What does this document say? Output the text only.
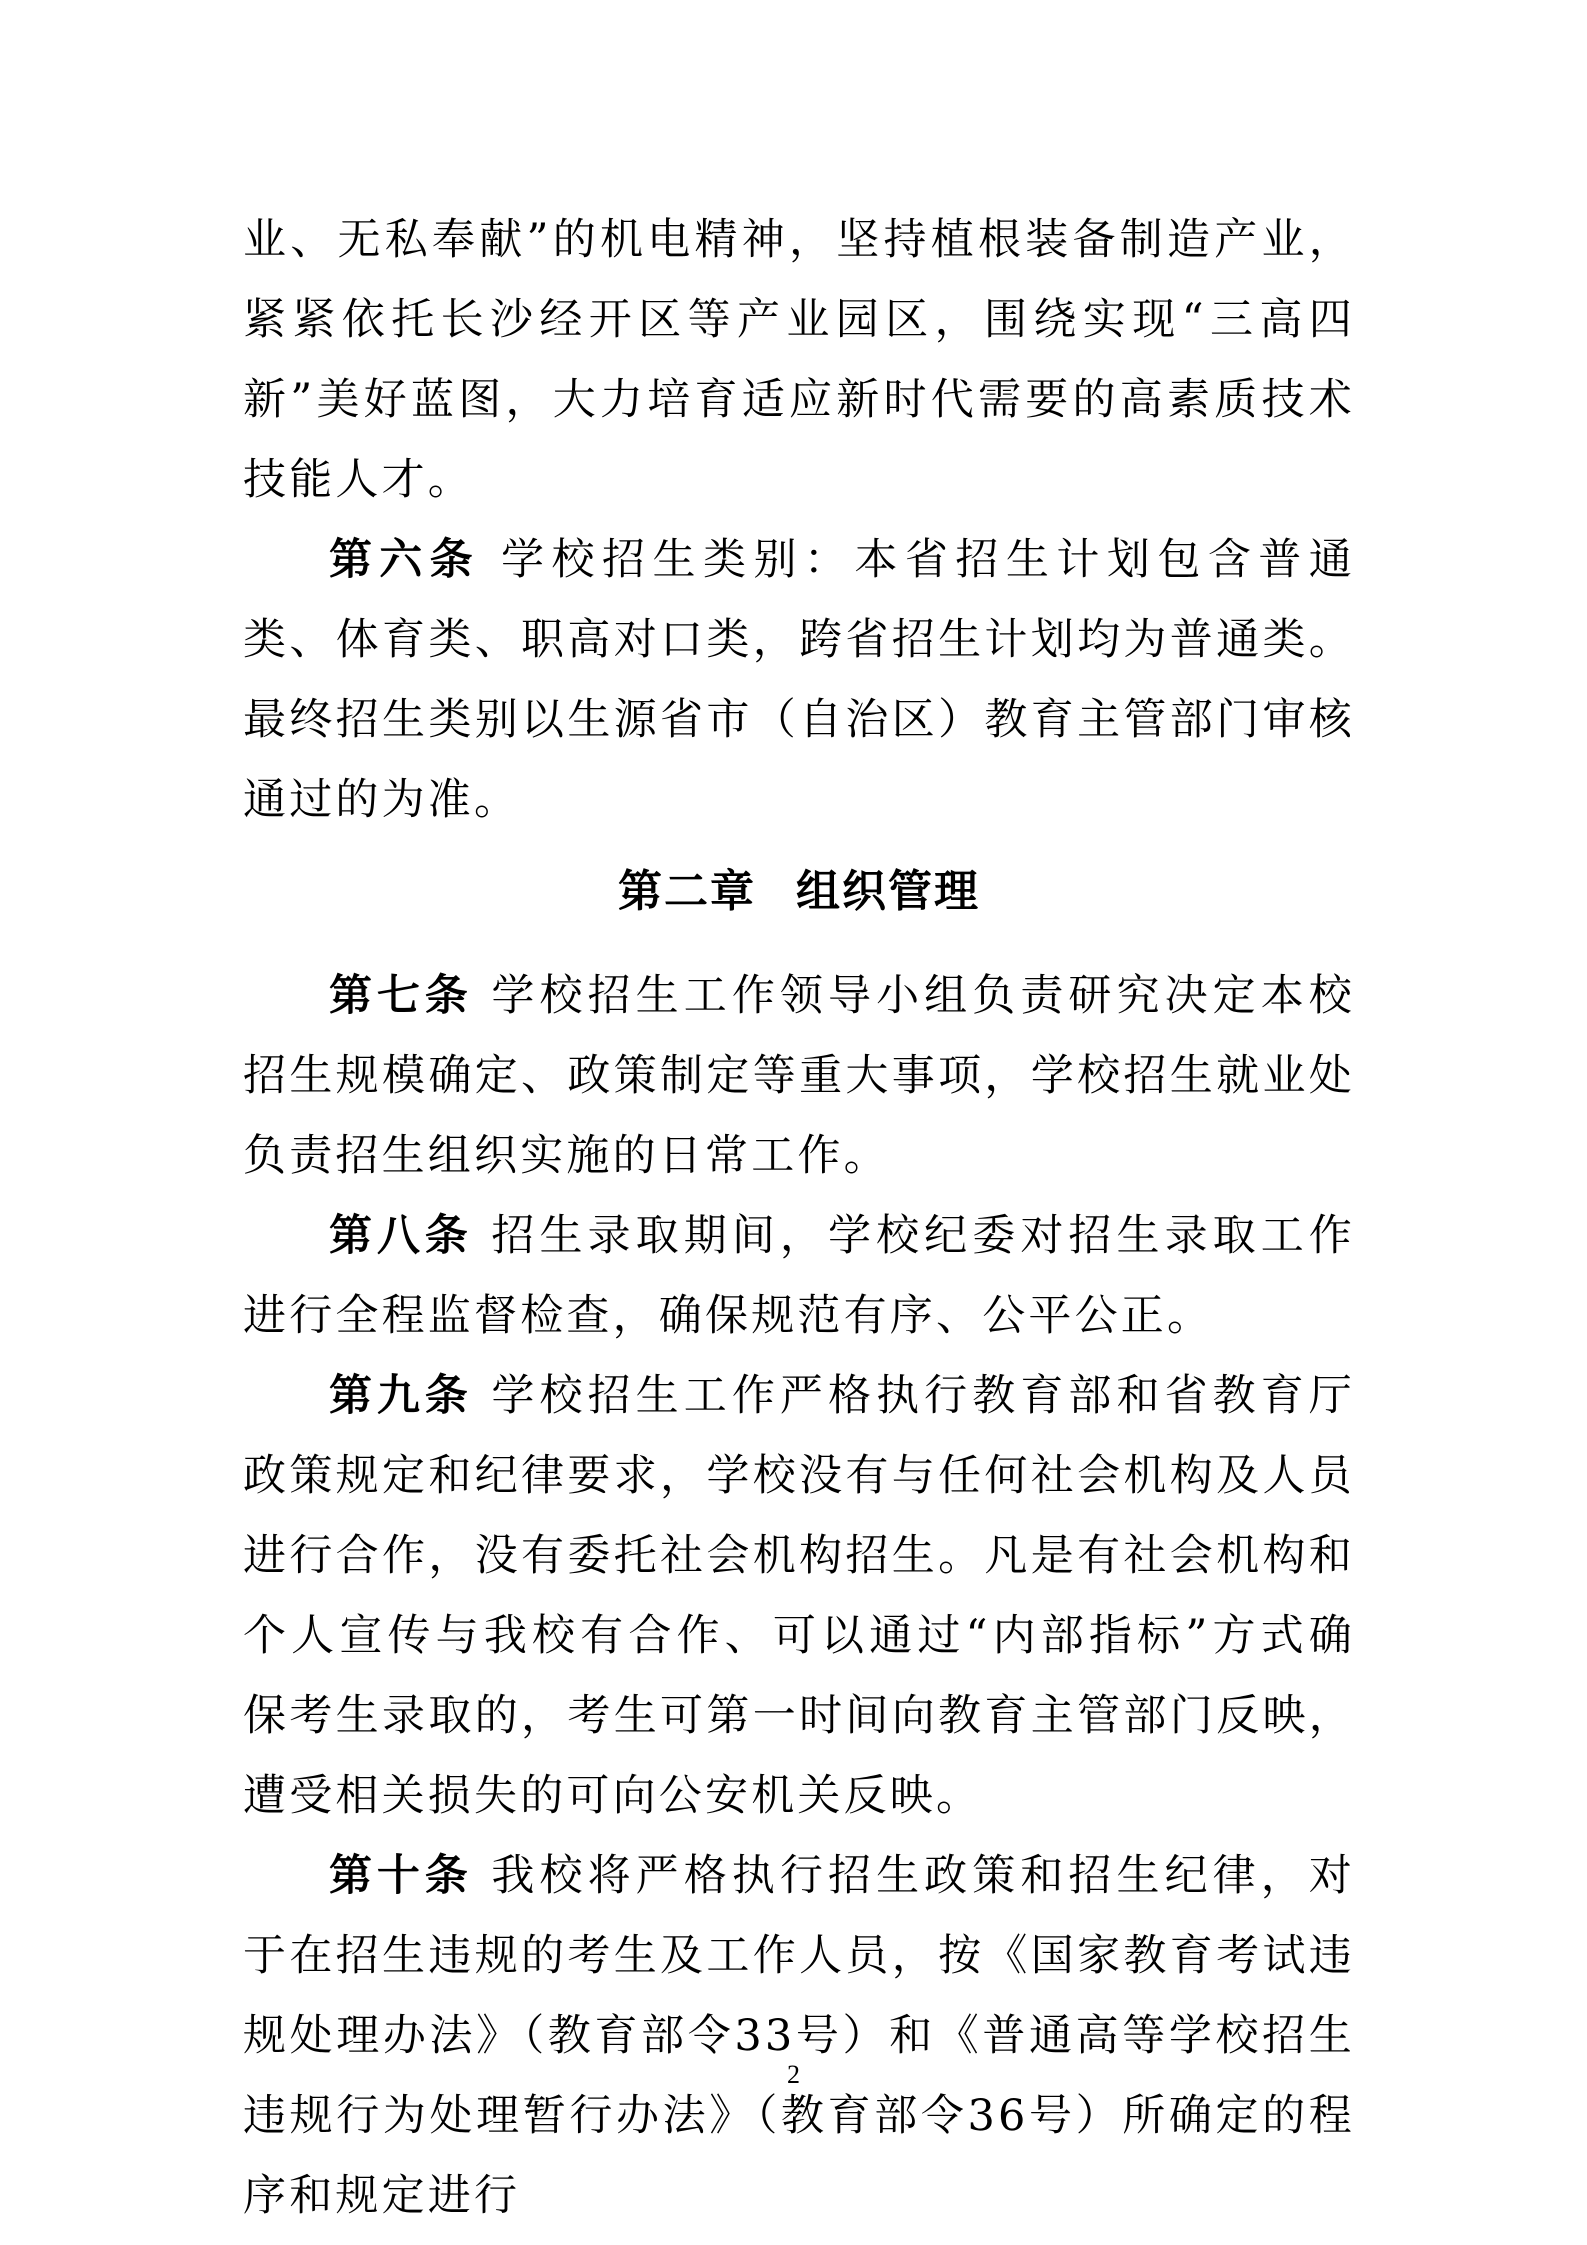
业、无私奉献”的机电精神，坚持植根装备制造产业，紧紧依托长沙经开区等产业园区，围绕实现“三高四新”美好蓝图，大力培育适应新时代需要的高素质技术技能人才。

第六条 学校招生类别：本省招生计划包含普通类、体育类、职高对口类，跨省招生计划均为普通类。最终招生类别以生源省市（自治区）教育主管部门审核通过的为准。

第二章 组织管理

第七条 学校招生工作领导小组负责研究决定本校招生规模确定、政策制定等重大事项，学校招生就业处负责招生组织实施的日常工作。

第八条 招生录取期间，学校纪委对招生录取工作进行全程监督检查，确保规范有序、公平公正。

第九条 学校招生工作严格执行教育部和省教育厅政策规定和纪律要求，学校没有与任何社会机构及人员进行合作，没有委托社会机构招生。凡是有社会机构和个人宣传与我校有合作、可以通过“内部指标”方式确保考生录取的，考生可第一时间向教育主管部门反映，遭受相关损失的可向公安机关反映。

第十条 我校将严格执行招生政策和招生纪律，对于在招生违规的考生及工作人员，按《国家教育考试违规处理办法》（教育部令33号）和《普通高等学校招生违规行为处理暂行办法》（教育部令36号）所确定的程序和规定进行

2
